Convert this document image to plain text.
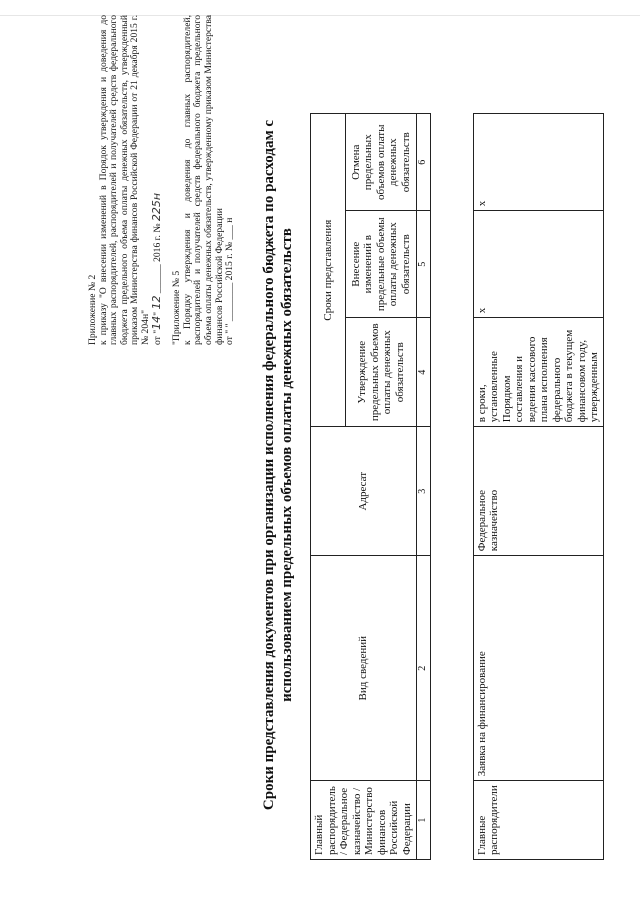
Приложение № 2 к приказу "О внесении изменений в Порядок утверждения и доведения до главных распорядителей, распорядителей и получателей средств федерального бюджета предельного объема оплаты денежных обязательств, утвержденный приказом Министерства финансов Российской Федерации от 21 декабря 2015 г. № 204н" от "14" 12 ______ 2016 г. № 225н

"Приложение № 5 к Порядку утверждения и доведения до главных распорядителей, распорядителей и получателей средств федерального бюджета предельного объема оплаты денежных обязательств, утвержденному приказом Министерства финансов Российской Федерации от " " ________ 2015 г. № ___ н Сроки представления документов при организации исполнения федерального бюджета по расходам с использованием предельных объемов оплаты денежных обязательств
Главный распорядитель / Федеральное казначейство / Министерство финансов Российской Федерации	Вид сведений	Адресат	Сроки представления		
			Утверждение предельных объемов оплаты денежных обязательств	Внесение изменений в предельные объемы оплаты денежных обязательств	Отмена предельных объемов оплаты денежных обязательств
1	2	3	4	5	6

Главные распорядители	Заявка на финансирование	Федеральное казначейство	в сроки, установленные Порядком составления и ведения кассового плана исполнения федерального бюджета в текущем финансовом году, утвержденным	х	х
